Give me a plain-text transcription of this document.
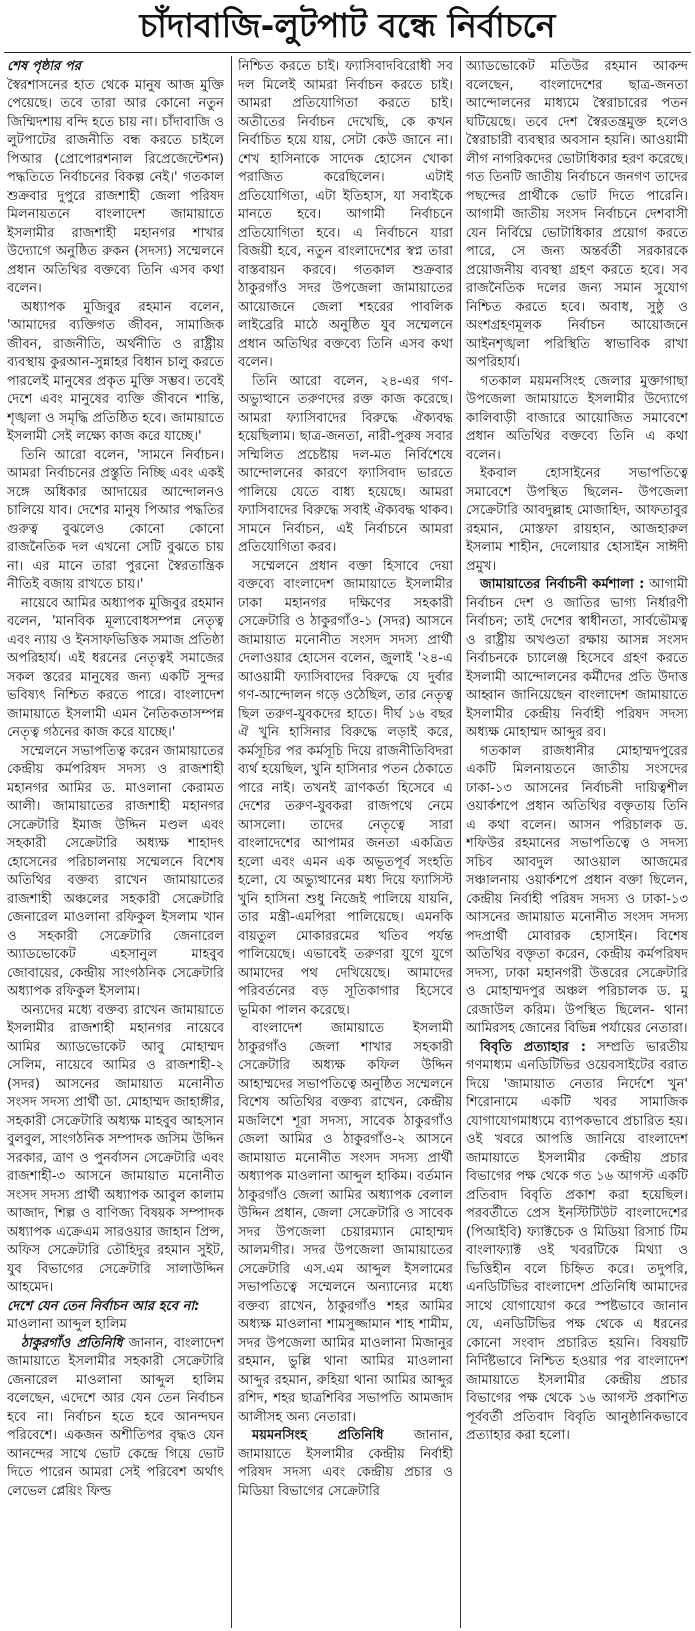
চাঁদাবাজি-লুটপাট বন্ধে নির্বাচনে

শেষ পৃষ্ঠার পর

স্বৈরশাসনের হাত থেকে মানুষ আজ মুক্তি পেয়েছে। তবে তারা আর কোনো নতুন জিম্মিদশায় বন্দি হতে চায় না। চাঁদাবাজি ও লুটপাটের রাজনীতি বন্ধ করতে চাইলে পিআর (প্রোপোরশনাল রিপ্রেজেন্টেশন) পদ্ধতিতে নির্বাচনের বিকল্প নেই।' গতকাল শুক্রবার দুপুরে রাজশাহী জেলা পরিষদ মিলনায়তনে বাংলাদেশ জামায়াতে ইসলামীর রাজশাহী মহানগর শাখার উদ্যোগে অনুষ্ঠিত রুকন (সদস্য) সম্মেলনে প্রধান অতিথির বক্তব্যে তিনি এসব কথা বলেন।

অধ্যাপক মুজিবুর রহমান বলেন, 'আমাদের ব্যক্তিগত জীবন, সামাজিক জীবন, রাজনীতি, অর্থনীতি ও রাষ্ট্রীয় ব্যবস্থায় কুরআন-সুন্নাহর বিধান চালু করতে পারলেই মানুষের প্রকৃত মুক্তি সম্ভব। তবেই দেশে এবং মানুষের ব্যক্তি জীবনে শান্তি, শৃঙ্খলা ও সমৃদ্ধি প্রতিষ্ঠিত হবে। জামায়াতে ইসলামী সেই লক্ষ্যে কাজ করে যাচ্ছে।'

তিনি আরো বলেন, 'সামনে নির্বাচন। আমরা নির্বাচনের প্রস্তুতি নিচ্ছি এবং একই সঙ্গে অধিকার আদায়ের আন্দোলনও চালিয়ে যাব। দেশের মানুষ পিআর পদ্ধতির গুরুত্ব বুঝলেও কোনো কোনো রাজনৈতিক দল এখনো সেটি বুঝতে চায় না। এর মানে তারা পুরনো স্বৈরতান্ত্রিক নীতিই বজায় রাখতে চায়।'

নায়েবে আমির অধ্যাপক মুজিবুর রহমান বলেন, 'মানবিক মূল্যবোধসম্পন্ন নেতৃত্ব এবং ন্যায় ও ইনসাফভিত্তিক সমাজ প্রতিষ্ঠা অপরিহার্য। এই ধরনের নেতৃত্বই সমাজের সকল স্তরের মানুষের জন্য একটি সুন্দর ভবিষ্যৎ নিশ্চিত করতে পারে। বাংলাদেশ জামায়াতে ইসলামী এমন নৈতিকতাসম্পন্ন নেতৃত্ব গঠনের কাজ করে যাচ্ছে।'

সম্মেলনে সভাপতিত্ব করেন জামায়াতের কেন্দ্রীয় কর্মপরিষদ সদস্য ও রাজশাহী মহানগর আমির ড. মাওলানা কেরামত আলী। জামায়াতের রাজশাহী মহানগর সেক্রেটারি ইমাজ উদ্দিন মণ্ডল এবং সহকারী সেক্রেটারি অধ্যক্ষ শাহাদৎ হোসেনের পরিচালনায় সম্মেলনে বিশেষ অতিথির বক্তব্য রাখেন জামায়াতের রাজশাহী অঞ্চলের সহকারী সেক্রেটারি জেনারেল মাওলানা রফিকুল ইসলাম খান ও সহকারী সেক্রেটারি জেনারেল অ্যাডভোকেট এহসানুল মাহবুব জোবায়ের, কেন্দ্রীয় সাংগঠনিক সেক্রেটারি অধ্যাপক রফিকুল ইসলাম।

অন্যদের মধ্যে বক্তব্য রাখেন জামায়াতে ইসলামীর রাজশাহী মহানগর নায়েবে আমির অ্যাডভোকেট আবু মোহাম্মদ সেলিম, নায়েবে আমির ও রাজশাহী-২ (সদর) আসনের জামায়াত মনোনীত সংসদ সদস্য প্রার্থী ডা. মোহাম্মদ জাহাঙ্গীর, সহকারী সেক্রেটারি অধ্যক্ষ মাহবুব আহসান বুলবুল, সাংগঠনিক সম্পাদক জসিম উদ্দিন সরকার, ত্রাণ ও পুনর্বাসন সেক্রেটারি এবং রাজশাহী-৩ আসনে জামায়াত মনোনীত সংসদ সদস্য প্রার্থী অধ্যাপক আবুল কালাম আজাদ, শিল্প ও বাণিজ্য বিষয়ক সম্পাদক অধ্যাপক এক্রেএম সারওয়ার জাহান প্রিন্স, অফিস সেক্রেটারি তৌহিদুর রহমান সুইট, যুব বিভাগের সেক্রেটারি সালাউদ্দিন আহমেদ।

দেশে যেন তেন নির্বাচন আর হবে না:

মাওলানা আব্দুল হালিম

ঠাকুরগাঁও প্রতিনিধি জানান, বাংলাদেশ জামায়াতে ইসলামীর সহকারী সেক্রেটারি জেনারেল মাওলানা আব্দুল হালিম বলেছেন, এদেশে আর যেন তেন নির্বাচন হবে না। নির্বাচন হতে হবে আনন্দঘন পরিবেশে। একজন অশীতিপর বৃদ্ধও যেন আনন্দের সাথে ভোট কেন্দ্রে গিয়ে ভোট দিতে পারেন আমরা সেই পরিবেশ অর্থাৎ লেভেল প্লেয়িং ফিল্ড

নিশ্চিত করতে চাই। ফ্যাসিবাদবিরোধী সব দল মিলেই আমরা নির্বাচন করতে চাই। আমরা প্রতিযোগিতা করতে চাই। অতীতের নির্বাচন দেখেছি, কে কখন নির্বাচিত হয়ে যায়, সেটা কেউ জানে না। শেখ হাসিনাকে সাদেক হোসেন খোকা পরাজিত করেছিলেন। এটাই প্রতিযোগিতা, এটা ইতিহাস, যা সবাইকে মানতে হবে। আগামী নির্বাচনে প্রতিযোগিতা হবে। এ নির্বাচনে যারা বিজয়ী হবে, নতুন বাংলাদেশের স্বপ্ন তারা বাস্তবায়ন করবে। গতকাল শুক্রবার ঠাকুরগাঁও সদর উপজেলা জামায়াতের আয়োজনে জেলা শহরের পাবলিক লাইব্রেরি মাঠে অনুষ্ঠিত যুব সম্মেলনে প্রধান অতিথির বক্তব্যে তিনি এসব কথা বলেন।

তিনি আরো বলেন, ২৪-এর গণ-অভ্যুত্থানে তরুণদের রক্ত কাজ করেছে। আমরা ফ্যাসিবাদের বিরুদ্ধে ঐক্যবদ্ধ হয়েছিলাম। ছাত্র-জনতা, নারী-পুরুষ সবার সম্মিলিত প্রচেষ্টায় দল-মত নির্বিশেষে আন্দোলনের কারণে ফ্যাসিবাদ ভারতে পালিয়ে যেতে বাধ্য হয়েছে। আমরা ফ্যাসিবাদের বিরুদ্ধে সবাই ঐক্যবদ্ধ থাকব। সামনে নির্বাচন, এই নির্বাচনে আমরা প্রতিযোগিতা করব।

সম্মেলনে প্রধান বক্তা হিসাবে দেয়া বক্তব্যে বাংলাদেশ জামায়াতে ইসলামীর ঢাকা মহানগর দক্ষিণের সহকারী সেক্রেটারি ও ঠাকুরগাঁও-১ (সদর) আসনে জামায়াত মনোনীত সংসদ সদস্য প্রার্থী দেলাওয়ার হোসেন বলেন, জুলাই '২৪-এ আওয়ামী ফ্যাসিবাদের বিরুদ্ধে যে দুর্বার গণ-আন্দোলন গড়ে ওঠেছিল, তার নেতৃত্ব ছিল তরুণ-যুবকদের হাতে। দীর্ঘ ১৬ বছর ঐ খুনি হাসিনার বিরুদ্ধে লড়াই করে, কর্মসূচির পর কর্মসূচি দিয়ে রাজনীতিবিদরা ব্যর্থ হয়েছিল, খুনি হাসিনার পতন ঠেকাতে পারে নাই। তখনই ত্রাণকর্তা হিসেবে এ দেশের তরুণ-যুবকরা রাজপথে নেমে আসলো। তাদের নেতৃত্বে সারা বাংলাদেশের আপামর জনতা একত্রিত হলো এবং এমন এক অভূতপূর্ব সংহতি হলো, যে অভ্যুত্থানের মধ্য দিয়ে ফ্যাসিস্ট খুনি হাসিনা শুধু নিজেই পালিয়ে যায়নি, তার মন্ত্রী-এমপিরা পালিয়েছে। এমনকি বায়তুল মোকাররমের খতিব পর্যন্ত পালিয়েছে। এভাবেই তরুণরা যুগে যুগে আমাদের পথ দেখিয়েছে। আমাদের পরিবর্তনের বড় সূতিকাগার হিসেবে ভূমিকা পালন করেছে।

বাংলাদেশ জামায়াতে ইসলামী ঠাকুরগাঁও জেলা শাখার সহকারী সেক্রেটারি অধ্যক্ষ কফিল উদ্দিন আহাম্মদের সভাপতিত্বে অনুষ্ঠিত সম্মেলনে বিশেষ অতিথির বক্তব্য রাখেন, কেন্দ্রীয় মজলিশে শূরা সদস্য, সাবেক ঠাকুরগাঁও জেলা আমির ও ঠাকুরগাঁও-২ আসনে জামায়াত মনোনীত সংসদ সদস্য প্রার্থী অধ্যাপক মাওলানা আব্দুল হাকিম। বর্তমান ঠাকুরগাঁও জেলা আমির অধ্যাপক বেলাল উদ্দিন প্রধান, জেলা সেক্রেটারি ও সাবেক সদর উপজেলা চেয়ারম্যান মোহাম্মদ আলমগীর। সদর উপজেলা জামায়াতের সেক্রেটারি এস.এম আব্দুল ইসলামের সভাপতিত্বে সম্মেলনে অন্যান্যের মধ্যে বক্তব্য রাখেন, ঠাকুরগাঁও শহর আমির অধ্যক্ষ মাওলানা শামসুজ্জামান শাহ শামীম, সদর উপজেলা আমির মাওলানা মিজানুর রহমান, ভুল্লি থানা আমির মাওলানা আব্দুর রহমান, রুহিয়া থানা আমির আব্দুর রশিদ, শহর ছাত্রশিবির সভাপতি আমজাদ আলীসহ অন্য নেতারা।

ময়মনসিংহ প্রতিনিধি জানান, জামায়াতে ইসলামীর কেন্দ্রীয় নির্বাহী পরিষদ সদস্য এবং কেন্দ্রীয় প্রচার ও মিডিয়া বিভাগের সেক্রেটারি

অ্যাডভোকেট মতিউর রহমান আকন্দ বলেছেন, বাংলাদেশের ছাত্র-জনতা আন্দোলনের মাধ্যমে স্বৈরাচারের পতন ঘটিয়েছে। তবে দেশ স্বৈরতন্ত্রমুক্ত হলেও স্বৈরাচারী ব্যবস্থার অবসান হয়নি। আওয়ামী লীগ নাগরিকদের ভোটাধিকার হরণ করেছে। গত তিনটি জাতীয় নির্বাচনে জনগণ তাদের পছন্দের প্রার্থীকে ভোট দিতে পারেনি। আগামী জাতীয় সংসদ নির্বাচনে দেশবাসী যেন নির্বিঘ্নে ভোটাধিকার প্রয়োগ করতে পারে, সে জন্য অন্তর্বর্তী সরকারকে প্রয়োজনীয় ব্যবস্থা গ্রহণ করতে হবে। সব রাজনৈতিক দলের জন্য সমান সুযোগ নিশ্চিত করতে হবে। অবাধ, সুষ্ঠু ও অংশগ্রহণমূলক নির্বাচন আয়োজনে আইনশৃঙ্খলা পরিস্থিতি স্বাভাবিক রাখা অপরিহার্য।

গতকাল ময়মনসিংহ জেলার মুক্তাগাছা উপজেলা জামায়াতে ইসলামীর উদ্যোগে কালিবাড়ী বাজারে আয়োজিত সমাবেশে প্রধান অতিথির বক্তব্যে তিনি এ কথা বলেন।

ইকবাল হোসাইনের সভাপতিত্বে সমাবেশে উপস্থিত ছিলেন- উপজেলা সেক্রেটারি আবদুল্লাহ মোজাহিদ, আফতাবুর রহমান, মোস্তফা রায়হান, আজহারুল ইসলাম শাহীন, দেলোয়ার হোসাইন সাঈদী প্রমুখ।

জামায়াতের নির্বাচনী কর্মশালা : আগামী নির্বাচন দেশ ও জাতির ভাগ্য নির্ধারণী নির্বাচন; তাই দেশের স্বাধীনতা, সার্বভৌমত্ব ও রাষ্ট্রীয় অখণ্ডতা রক্ষায় আসন্ন সংসদ নির্বাচনকে চ্যালেঞ্জ হিসেবে গ্রহণ করতে ইসলামী আন্দোলনের কর্মীদের প্রতি উদাত্ত আহ্বান জানিয়েছেন বাংলাদেশ জামায়াতে ইসলামীর কেন্দ্রীয় নির্বাহী পরিষদ সদস্য অধ্যক্ষ মোহাম্মদ আব্দুর রব।

গতকাল রাজধানীর মোহাম্মদপুরের একটি মিলনায়তনে জাতীয় সংসদের ঢাকা-১৩ আসনের নির্বাচনী দায়িত্বশীল ওয়ার্কশপে প্রধান অতিথির বক্তৃতায় তিনি এ কথা বলেন। আসন পরিচালক ড. শফিউর রহমানের সভাপতিত্বে ও সদস্য সচিব আবদুল আওয়াল আজমের সঞ্চালনায় ওয়ার্কশপে প্রধান বক্তা ছিলেন, কেন্দ্রীয় নির্বাহী পরিষদ সদস্য ও ঢাকা-১৩ আসনের জামায়াত মনোনীত সংসদ সদস্য পদপ্রার্থী মোবারক হোসাইন। বিশেষ অতিথির বক্তৃতা করেন, কেন্দ্রীয় কর্মপরিষদ সদস্য, ঢাকা মহানগরী উত্তরের সেক্রেটারি ও মোহাম্মদপুর অঞ্চল পরিচালক ড. মু রেজাউল করিম। উপস্থিত ছিলেন- থানা আমিরসহ জোনের বিভিন্ন পর্যায়ের নেতারা।

বিবৃতি প্রত্যাহার : সম্প্রতি ভারতীয় গণমাধ্যম এনডিটিভির ওয়েবসাইটের বরাত দিয়ে 'জামায়াত নেতার নির্দেশে খুন' শিরোনামে একটি খবর সামাজিক যোগাযোগমাধ্যমে ব্যাপকভাবে প্রচারিত হয়। ওই খবরে আপত্তি জানিয়ে বাংলাদেশ জামায়াতে ইসলামীর কেন্দ্রীয় প্রচার বিভাগের পক্ষ থেকে গত ১৬ আগস্ট একটি প্রতিবাদ বিবৃতি প্রকাশ করা হয়েছিল। পরবর্তীতে প্রেস ইনস্টিটিউট বাংলাদেশের (পিআইবি) ফ্যাক্টচেক ও মিডিয়া রিসার্চ টিম বাংলাফ্যাক্ট ওই খবরটিকে মিথ্যা ও ভিত্তিহীন বলে চিহ্নিত করে। তদুপরি, এনডিটিভির বাংলাদেশ প্রতিনিধি আমাদের সাথে যোগাযোগ করে স্পষ্টভাবে জানান যে, এনডিটিভির পক্ষ থেকে এ ধরনের কোনো সংবাদ প্রচারিত হয়নি। বিষয়টি নির্দিষ্টভাবে নিশ্চিত হওয়ার পর বাংলাদেশ জামায়াতে ইসলামীর কেন্দ্রীয় প্রচার বিভাগের পক্ষ থেকে ১৬ আগস্ট প্রকাশিত পূর্ববর্তী প্রতিবাদ বিবৃতি আনুষ্ঠানিকভাবে প্রত্যাহার করা হলো।
